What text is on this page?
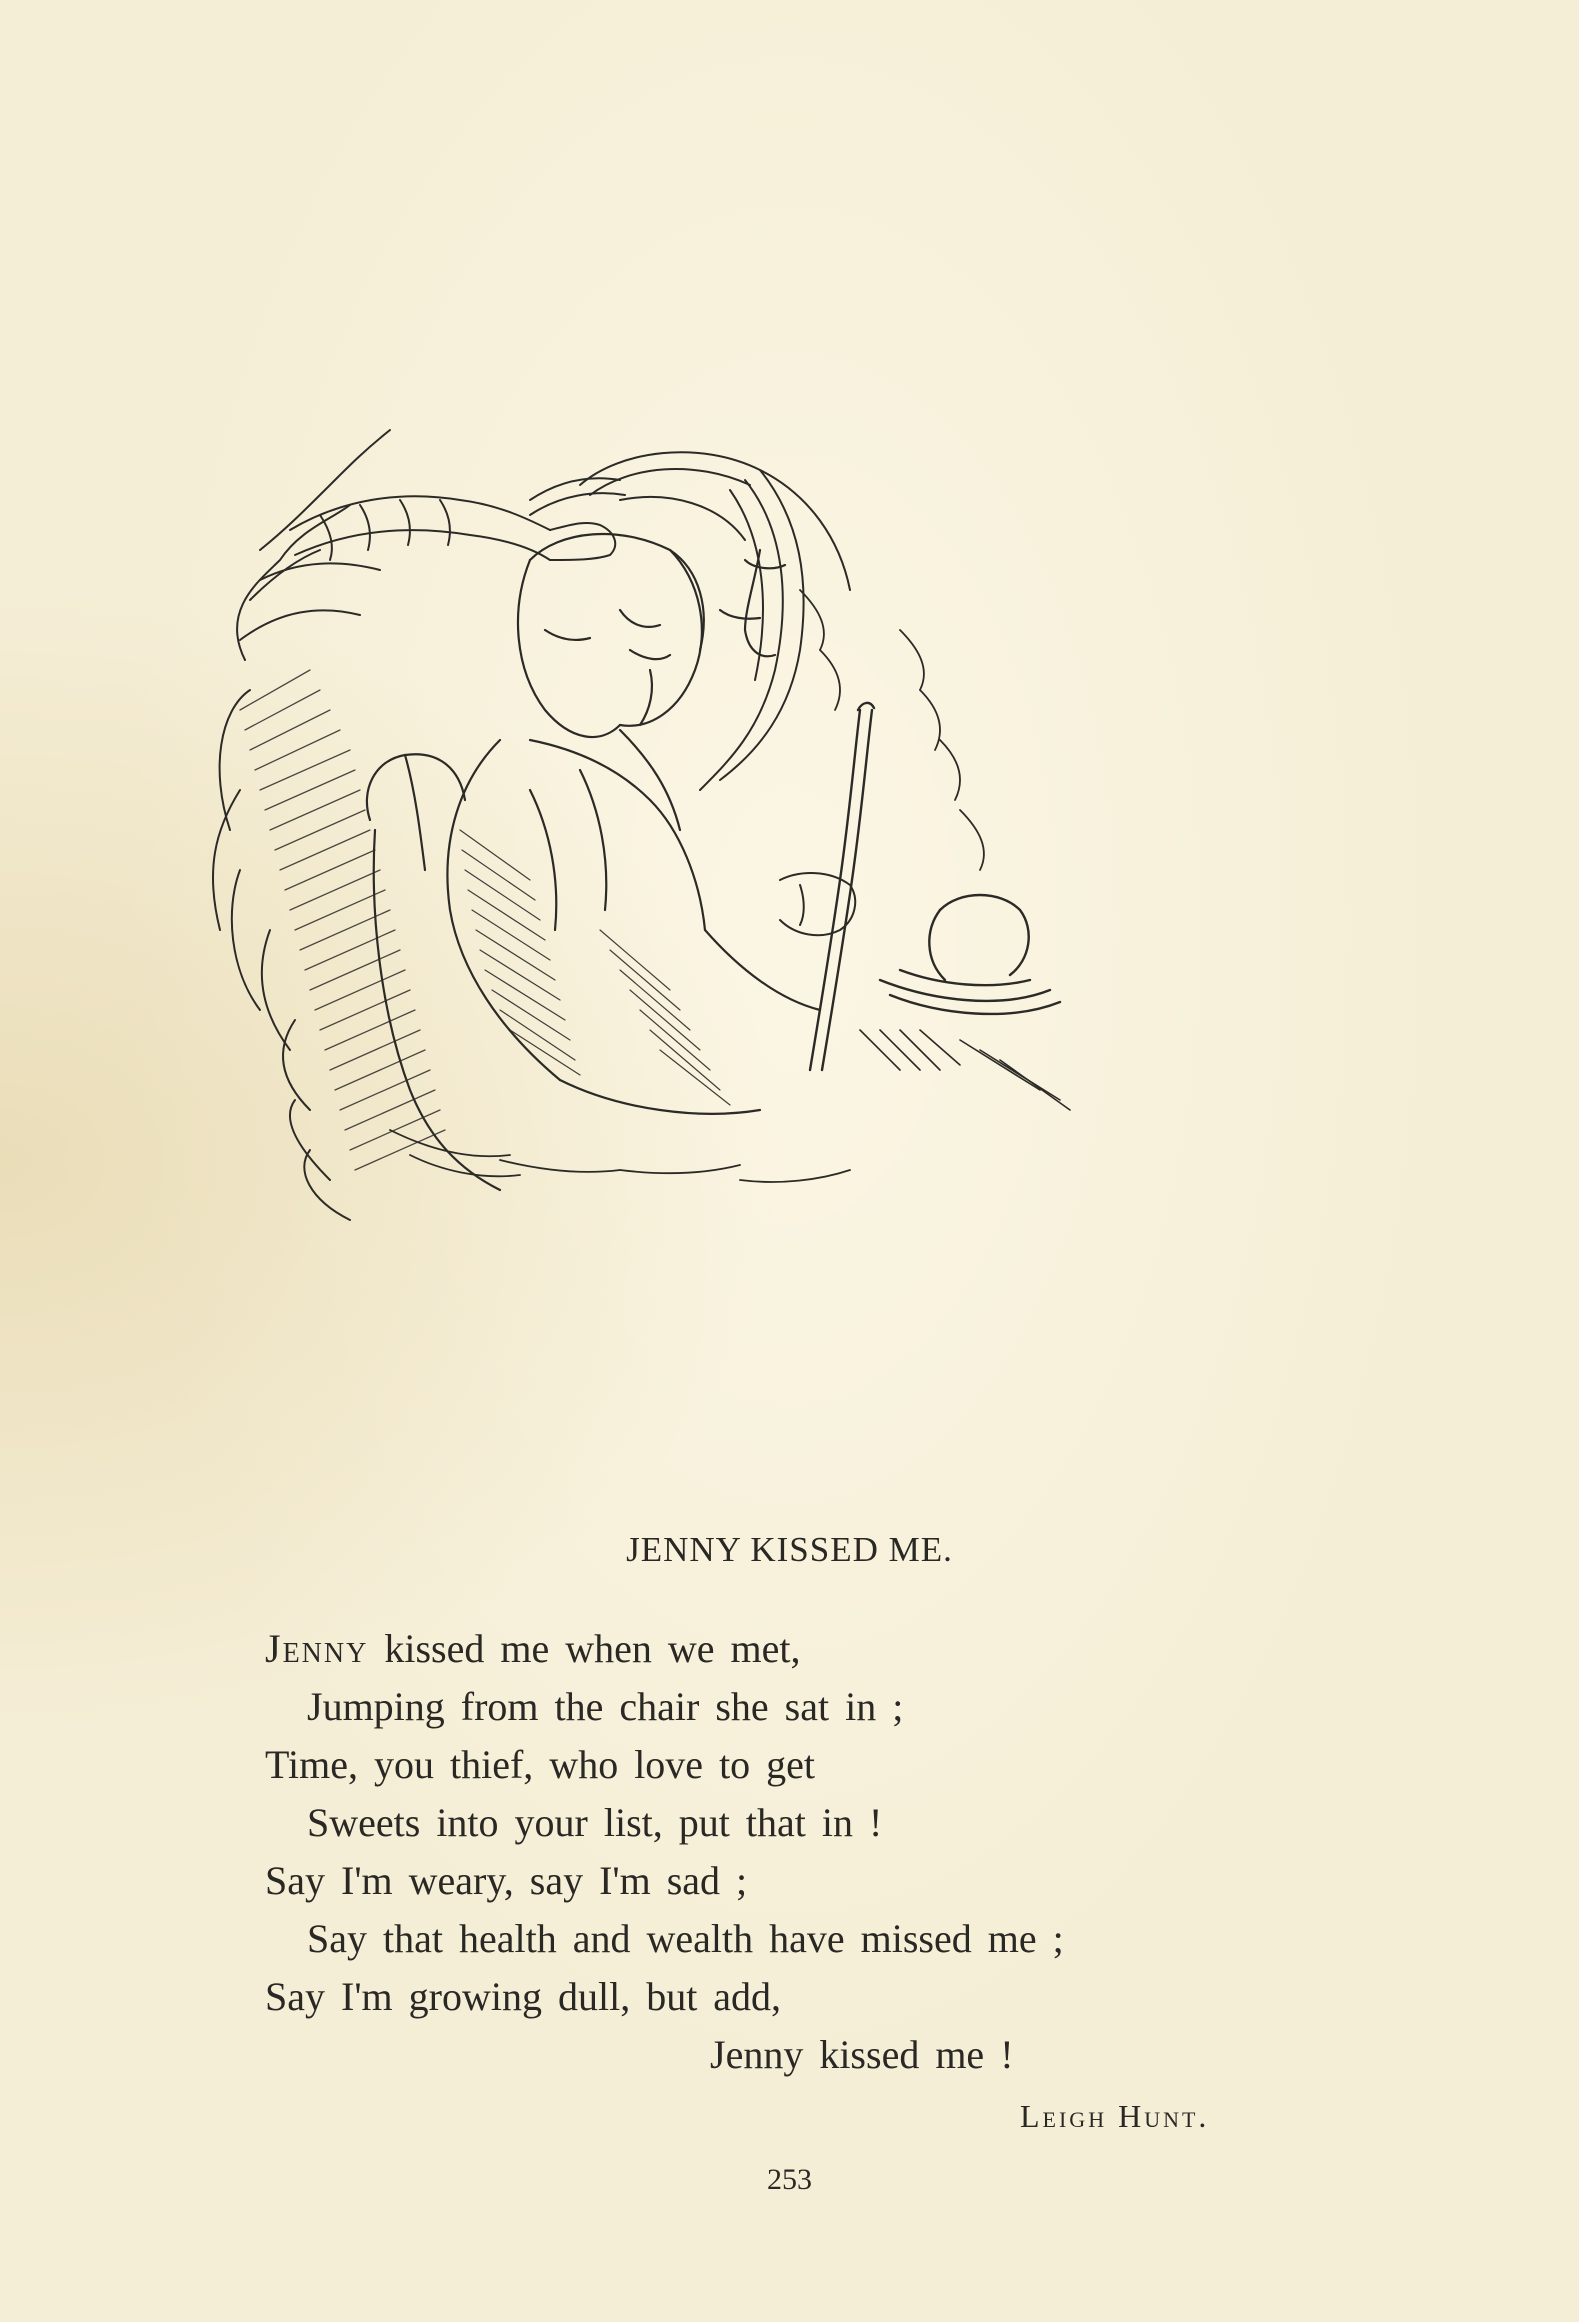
JENNY KISSED ME.
Jenny kissed me when we met,
Jumping from the chair she sat in ;
Time, you thief, who love to get
Sweets into your list, put that in !
Say I'm weary, say I'm sad ;
Say that health and wealth have missed me ;
Say I'm growing dull, but add,
Jenny kissed me !
Leigh Hunt.
253
